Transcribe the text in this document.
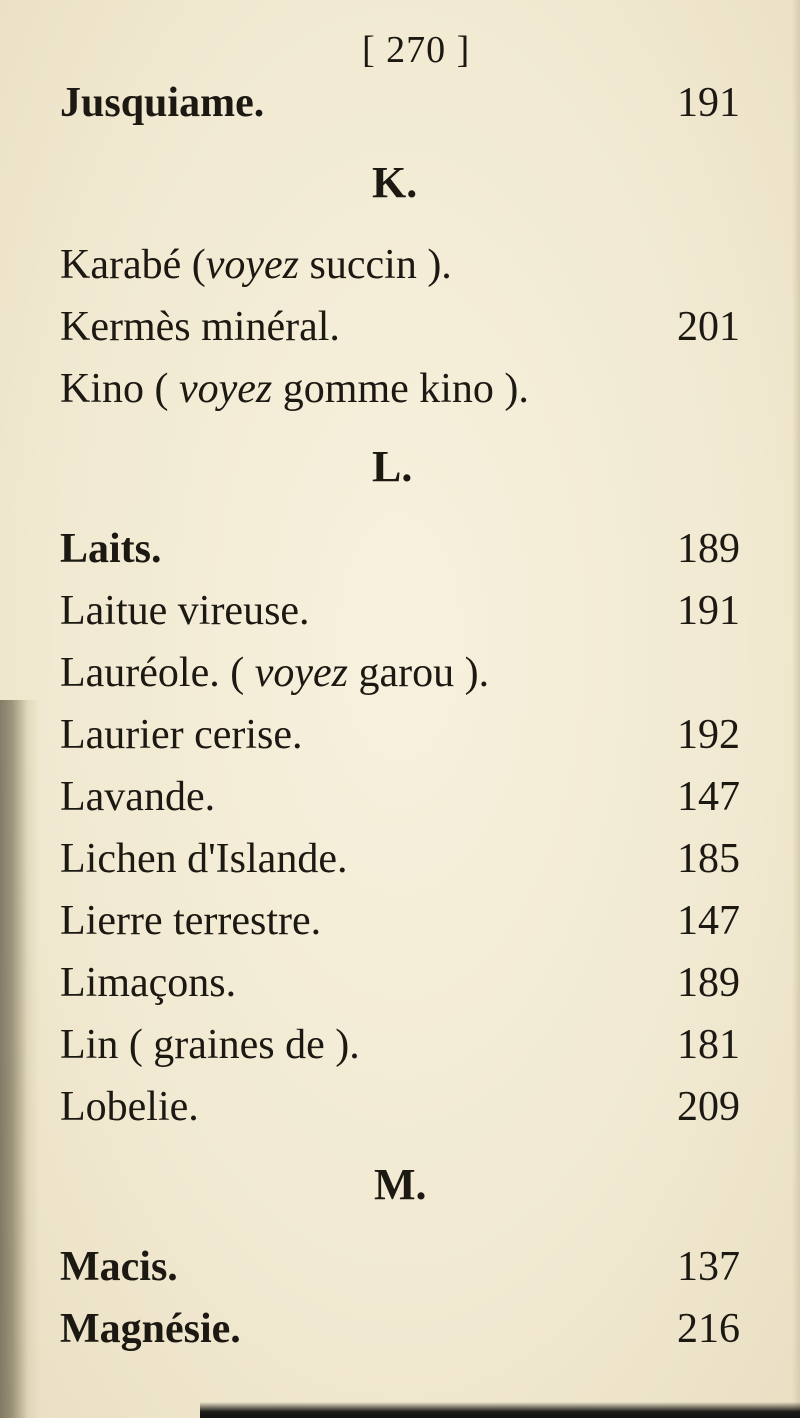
[ 270 ]
Jusquiame.	191
K.
Karabé (voyez succin ).
Kermès minéral.	201
Kino ( voyez gomme kino ).
L.
Laits.	189
Laitue vireuse.	191
Lauréole. ( voyez garou ).
Laurier cerise.	192
Lavande.	147
Lichen d'Islande.	185
Lierre terrestre.	147
Limaçons.	189
Lin ( graines de ).	181
Lobelie.	209
M.
Macis.	137
Magnésie.	216
